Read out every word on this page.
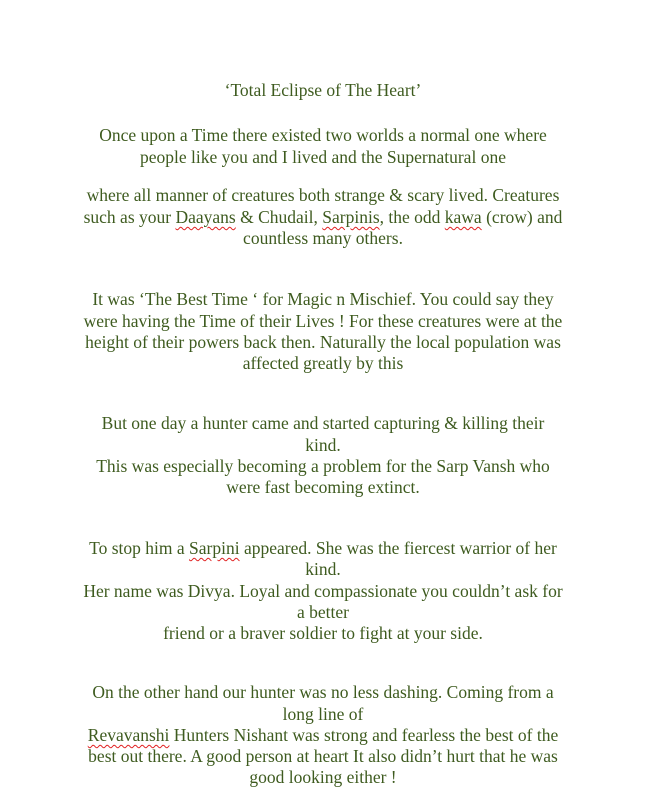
‘Total Eclipse of The Heart’
Once upon a Time there existed two worlds a normal one where
people like you and I lived and the Supernatural one
where all manner of creatures both strange & scary lived. Creatures
such as your Daayans & Chudail, Sarpinis, the odd kawa (crow) and
countless many others.
It was ‘The Best Time ‘ for Magic n Mischief. You could say they
were having the Time of their Lives ! For these creatures were at the
height of their powers back then. Naturally the local population was
affected greatly by this
But one day a hunter came and started capturing & killing their
kind.
This was especially becoming a problem for the Sarp Vansh who
were fast becoming extinct.
To stop him a Sarpini appeared. She was the fiercest warrior of her
kind.
Her name was Divya. Loyal and compassionate you couldn’t ask for
a better
friend or a braver soldier to fight at your side.
On the other hand our hunter was no less dashing. Coming from a
long line of
Revavanshi Hunters Nishant was strong and fearless the best of the
best out there. A good person at heart It also didn’t hurt that he was
good looking either !
